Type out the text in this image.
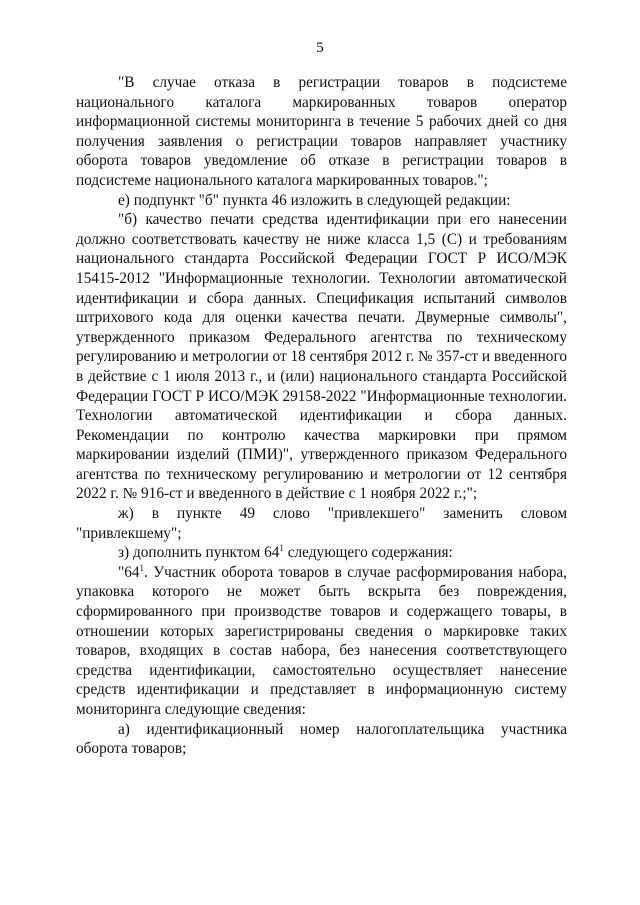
5

"В случае отказа в регистрации товаров в подсистеме национального каталога маркированных товаров оператор информационной системы мониторинга в течение 5 рабочих дней со дня получения заявления о регистрации товаров направляет участнику оборота товаров уведомление об отказе в регистрации товаров в подсистеме национального каталога маркированных товаров.";

е) подпункт "б" пункта 46 изложить в следующей редакции:

"б) качество печати средства идентификации при его нанесении должно соответствовать качеству не ниже класса 1,5 (С) и требованиям национального стандарта Российской Федерации ГОСТ Р ИСО/МЭК 15415-2012 "Информационные технологии. Технологии автоматической идентификации и сбора данных. Спецификация испытаний символов штрихового кода для оценки качества печати. Двумерные символы", утвержденного приказом Федерального агентства по техническому регулированию и метрологии от 18 сентября 2012 г. № 357-ст и введенного в действие с 1 июля 2013 г., и (или) национального стандарта Российской Федерации ГОСТ Р ИСО/МЭК 29158-2022 "Информационные технологии. Технологии автоматической идентификации и сбора данных. Рекомендации по контролю качества маркировки при прямом маркировании изделий (ПМИ)", утвержденного приказом Федерального агентства по техническому регулированию и метрологии от 12 сентября 2022 г. № 916-ст и введенного в действие с 1 ноября 2022 г.;";

ж) в пункте 49 слово "привлекшего" заменить словом "привлекшему";

з) дополнить пунктом $64^1$ следующего содержания:

"$64^1$. Участник оборота товаров в случае расформирования набора, упаковка которого не может быть вскрыта без повреждения, сформированного при производстве товаров и содержащего товары, в отношении которых зарегистрированы сведения о маркировке таких товаров, входящих в состав набора, без нанесения соответствующего средства идентификации, самостоятельно осуществляет нанесение средств идентификации и представляет в информационную систему мониторинга следующие сведения:

а) идентификационный номер налогоплательщика участника оборота товаров;
